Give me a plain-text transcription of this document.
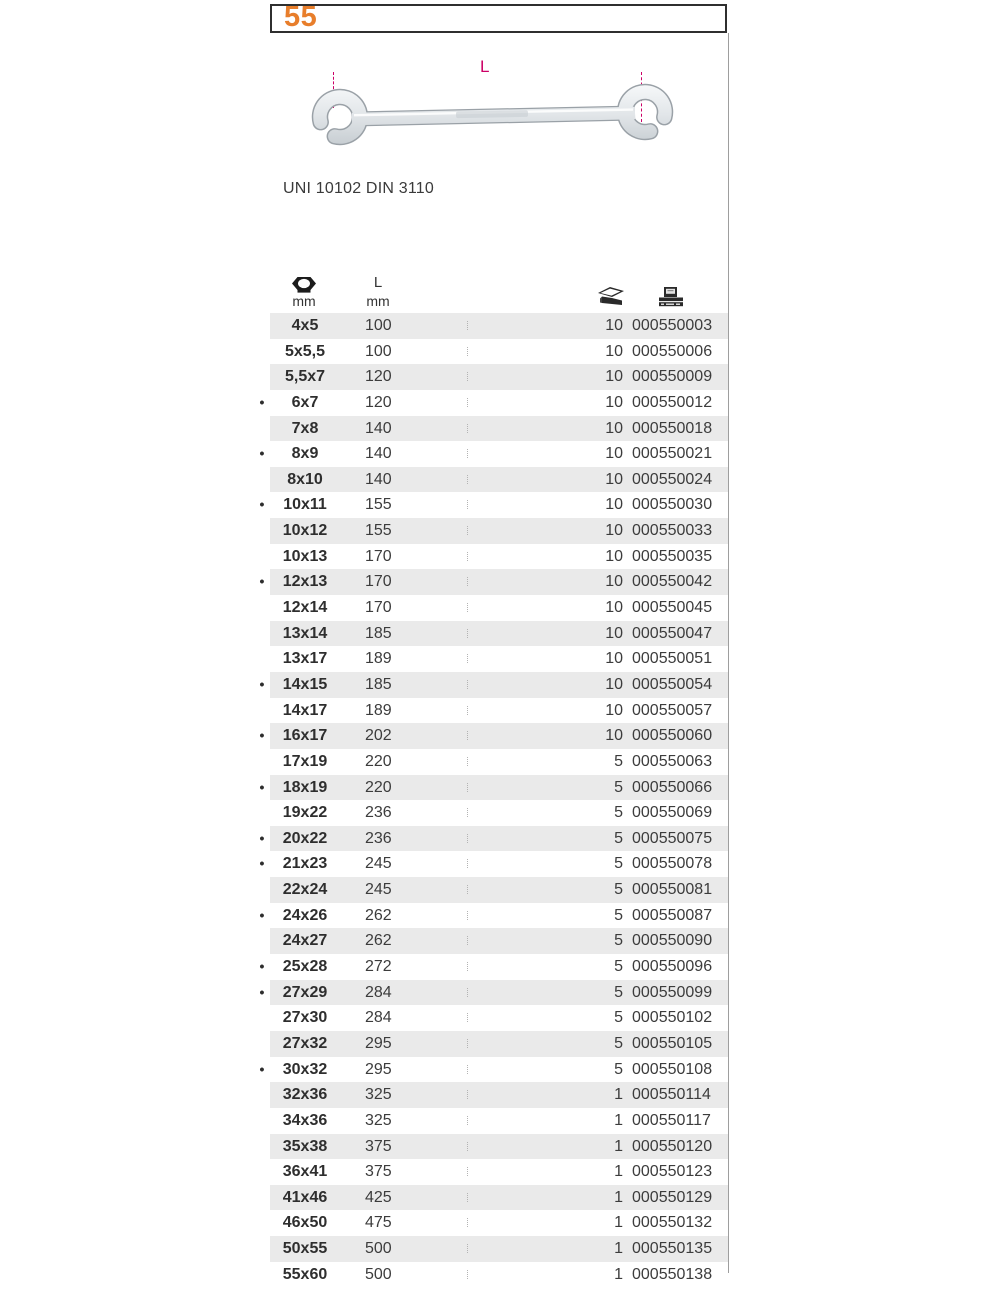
55
L
UNI 10102 DIN 3110
mm
L
mm
4x5	100	10 000550003
5x5,5	100	10 000550006
5,5x7	120	10 000550009
•	6x7	120	10 000550012
7x8	140	10 000550018
•	8x9	140	10 000550021
8x10	140	10 000550024
•	10x11	155	10 000550030
10x12	155	10 000550033
10x13	170	10 000550035
•	12x13	170	10 000550042
12x14	170	10 000550045
13x14	185	10 000550047
13x17	189	10 000550051
•	14x15	185	10 000550054
14x17	189	10 000550057
•	16x17	202	10 000550060
17x19	220	5 000550063
•	18x19	220	5 000550066
19x22	236	5 000550069
•	20x22	236	5 000550075
•	21x23	245	5 000550078
22x24	245	5 000550081
•	24x26	262	5 000550087
24x27	262	5 000550090
•	25x28	272	5 000550096
•	27x29	284	5 000550099
27x30	284	5 000550102
27x32	295	5 000550105
•	30x32	295	5 000550108
32x36	325	1 000550114
34x36	325	1 000550117
35x38	375	1 000550120
36x41	375	1 000550123
41x46	425	1 000550129
46x50	475	1 000550132
50x55	500	1 000550135
55x60	500	1 000550138
